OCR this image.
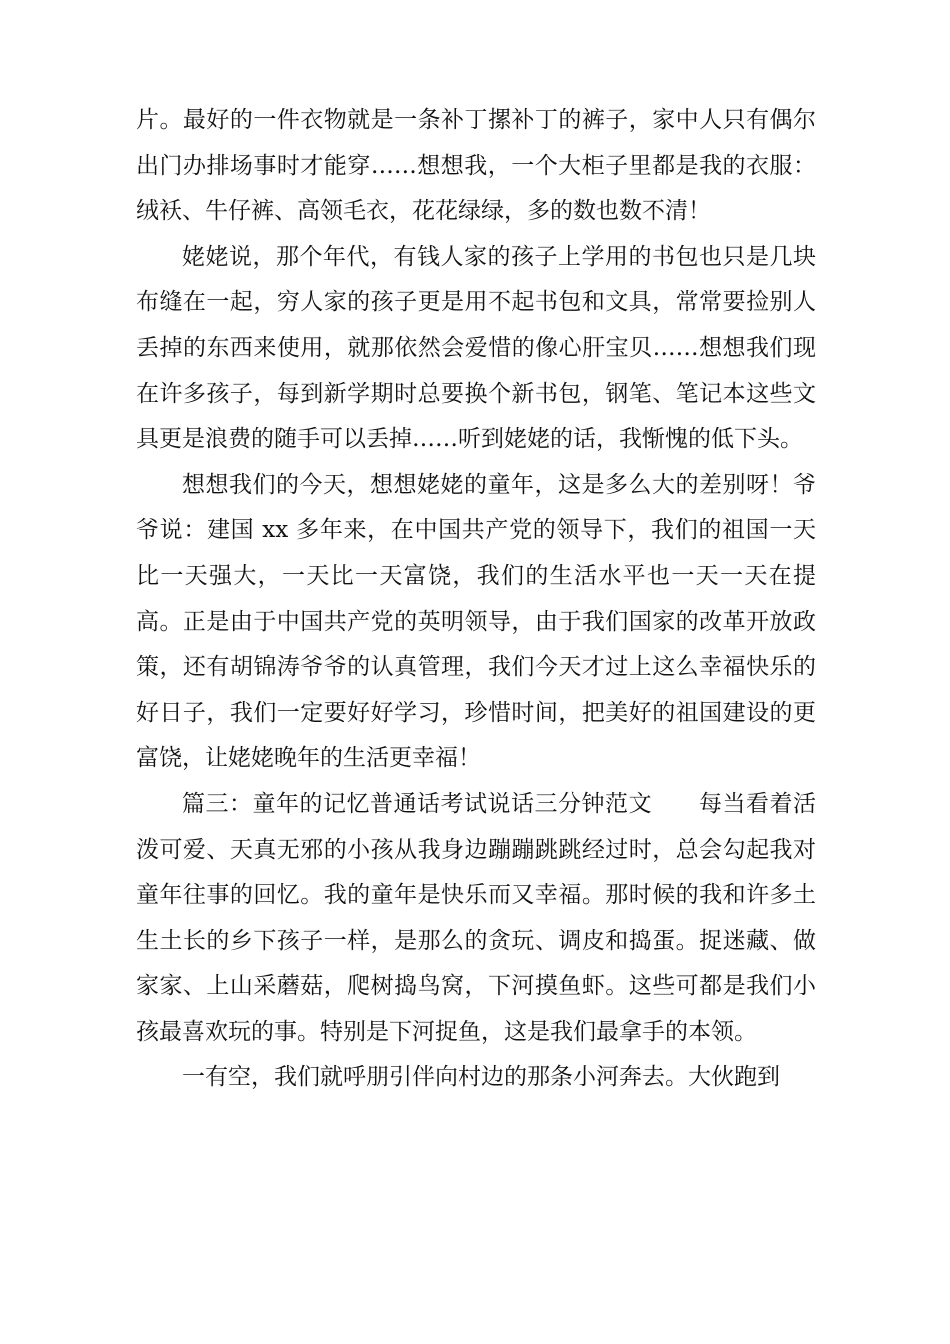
片。最好的一件衣物就是一条补丁摞补丁的裤子，家中人只有偶尔出门办排场事时才能穿……想想我，一个大柜子里都是我的衣服：绒袄、牛仔裤、高领毛衣，花花绿绿，多的数也数不清！

姥姥说，那个年代，有钱人家的孩子上学用的书包也只是几块布缝在一起，穷人家的孩子更是用不起书包和文具，常常要捡别人丢掉的东西来使用，就那依然会爱惜的像心肝宝贝……想想我们现在许多孩子，每到新学期时总要换个新书包，钢笔、笔记本这些文具更是浪费的随手可以丢掉……听到姥姥的话，我惭愧的低下头。

想想我们的今天，想想姥姥的童年，这是多么大的差别呀！爷爷说：建国 xx 多年来，在中国共产党的领导下，我们的祖国一天比一天强大，一天比一天富饶，我们的生活水平也一天一天在提高。正是由于中国共产党的英明领导，由于我们国家的改革开放政策，还有胡锦涛爷爷的认真管理，我们今天才过上这么幸福快乐的好日子，我们一定要好好学习，珍惜时间，把美好的祖国建设的更富饶，让姥姥晚年的生活更幸福！

篇三：童年的记忆普通话考试说话三分钟范文　　每当看着活泼可爱、天真无邪的小孩从我身边蹦蹦跳跳经过时，总会勾起我对童年往事的回忆。我的童年是快乐而又幸福。那时候的我和许多土生土长的乡下孩子一样，是那么的贪玩、调皮和捣蛋。捉迷藏、做家家、上山采蘑菇，爬树捣鸟窝，下河摸鱼虾。这些可都是我们小孩最喜欢玩的事。特别是下河捉鱼，这是我们最拿手的本领。

一有空，我们就呼朋引伴向村边的那条小河奔去。大伙跑到
